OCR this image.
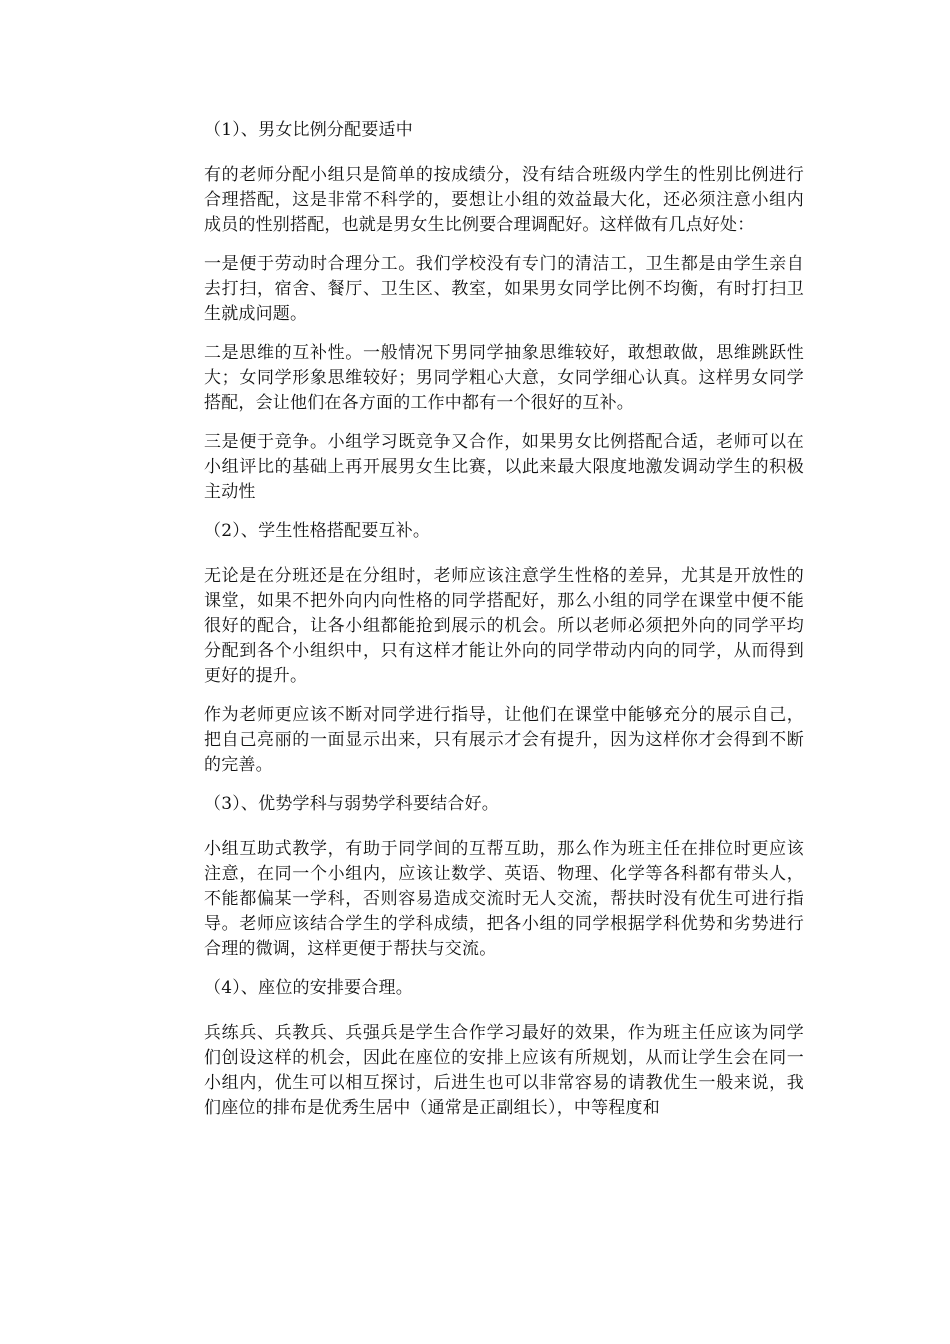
（1）、男女比例分配要适中

有的老师分配小组只是简单的按成绩分，没有结合班级内学生的性别比例进行合理搭配，这是非常不科学的，要想让小组的效益最大化，还必须注意小组内成员的性别搭配，也就是男女生比例要合理调配好。这样做有几点好处：

一是便于劳动时合理分工。我们学校没有专门的清洁工，卫生都是由学生亲自去打扫，宿舍、餐厅、卫生区、教室，如果男女同学比例不均衡，有时打扫卫生就成问题。

二是思维的互补性。一般情况下男同学抽象思维较好，敢想敢做，思维跳跃性大；女同学形象思维较好；男同学粗心大意，女同学细心认真。这样男女同学搭配，会让他们在各方面的工作中都有一个很好的互补。

三是便于竞争。小组学习既竞争又合作，如果男女比例搭配合适，老师可以在小组评比的基础上再开展男女生比赛，以此来最大限度地激发调动学生的积极主动性

（2）、学生性格搭配要互补。

无论是在分班还是在分组时，老师应该注意学生性格的差异，尤其是开放性的课堂，如果不把外向内向性格的同学搭配好，那么小组的同学在课堂中便不能很好的配合，让各小组都能抢到展示的机会。所以老师必须把外向的同学平均分配到各个小组织中，只有这样才能让外向的同学带动内向的同学，从而得到更好的提升。

作为老师更应该不断对同学进行指导，让他们在课堂中能够充分的展示自己，把自己亮丽的一面显示出来，只有展示才会有提升，因为这样你才会得到不断的完善。

（3）、优势学科与弱势学科要结合好。

小组互助式教学，有助于同学间的互帮互助，那么作为班主任在排位时更应该注意，在同一个小组内，应该让数学、英语、物理、化学等各科都有带头人，不能都偏某一学科，否则容易造成交流时无人交流，帮扶时没有优生可进行指导。老师应该结合学生的学科成绩，把各小组的同学根据学科优势和劣势进行合理的微调，这样更便于帮扶与交流。

（4）、座位的安排要合理。

兵练兵、兵教兵、兵强兵是学生合作学习最好的效果，作为班主任应该为同学们创设这样的机会，因此在座位的安排上应该有所规划，从而让学生会在同一小组内，优生可以相互探讨，后进生也可以非常容易的请教优生一般来说，我们座位的排布是优秀生居中（通常是正副组长），中等程度和
